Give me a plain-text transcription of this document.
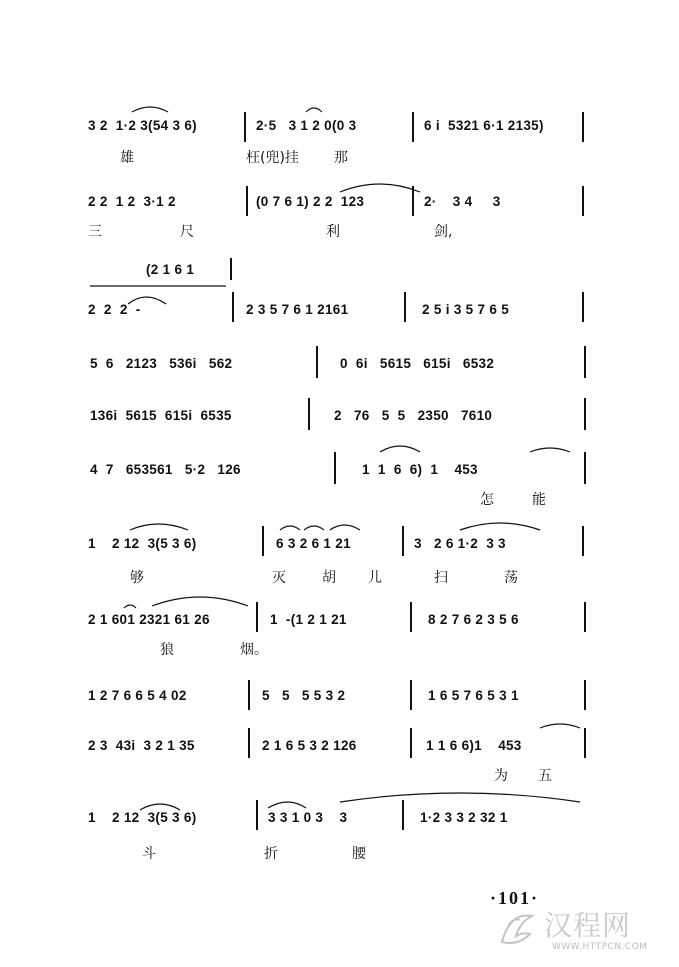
3 2  1·2 3(54 3 6)	2·5   3 1 2 0(0 3	6 i  5321 6·1 2135)
雄	枉(兜)挂	那
2 2  1 2  3·1 2	(0 7 6 1) 2 2  123	2·    3 4     3
三	尺	利	剑,
(2 1 6 1
2  2  2  -	2 3 5 7 6 1 2161	2 5 i 3 5 7 6 5
5  6   2123   536i   562	0  6i   5615   615i   6532
136i  5615  615i  6535	2   76   5  5   2350   7610
4  7   653561   5·2   126	1  1  6  6)  1    453
怎	能
1    2 12  3(5 3 6)	6 3 2 6 1 21	3   2 6 1·2  3 3
够	灭	胡 儿	扫	荡
2 1 601 2321 61 26	1  -(1 2 1 21	8 2 7 6 2 3 5 6
狼	烟。
1 2 7 6 6 5 4 02	5   5   5 5 3 2	1 6 5 7 6 5 3 1
2 3  43i  3 2 1 35	2 1 6 5 3 2 126	1 1 6 6)1    453
为 五
1    2 12  3(5 3 6)	3 3 1 0 3    3	1·2 3 3 2 32 1
斗	折	腰
·101·
汉程网
WWW.HTTPCN.COM
